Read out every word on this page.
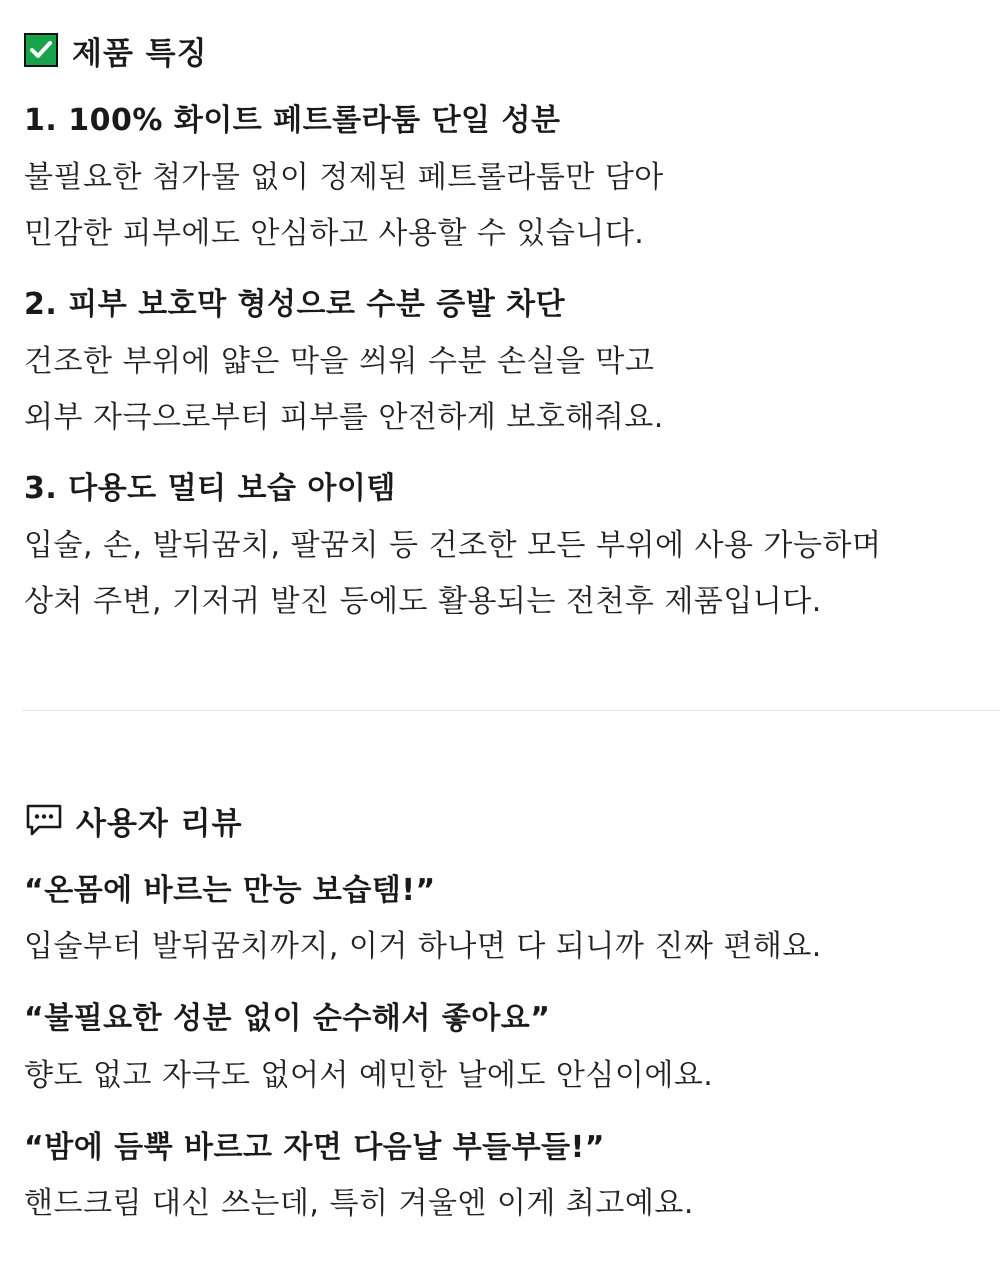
제품 특징
1. 100% 화이트 페트롤라툼 단일 성분
불필요한 첨가물 없이 정제된 페트롤라툼만 담아
민감한 피부에도 안심하고 사용할 수 있습니다.
2. 피부 보호막 형성으로 수분 증발 차단
건조한 부위에 얇은 막을 씌워 수분 손실을 막고
외부 자극으로부터 피부를 안전하게 보호해줘요.
3. 다용도 멀티 보습 아이템
입술, 손, 발뒤꿈치, 팔꿈치 등 건조한 모든 부위에 사용 가능하며
상처 주변, 기저귀 발진 등에도 활용되는 전천후 제품입니다.
사용자 리뷰
“온몸에 바르는 만능 보습템!”
입술부터 발뒤꿈치까지, 이거 하나면 다 되니까 진짜 편해요.
“불필요한 성분 없이 순수해서 좋아요”
향도 없고 자극도 없어서 예민한 날에도 안심이에요.
“밤에 듬뿍 바르고 자면 다음날 부들부들!”
핸드크림 대신 쓰는데, 특히 겨울엔 이게 최고예요.
